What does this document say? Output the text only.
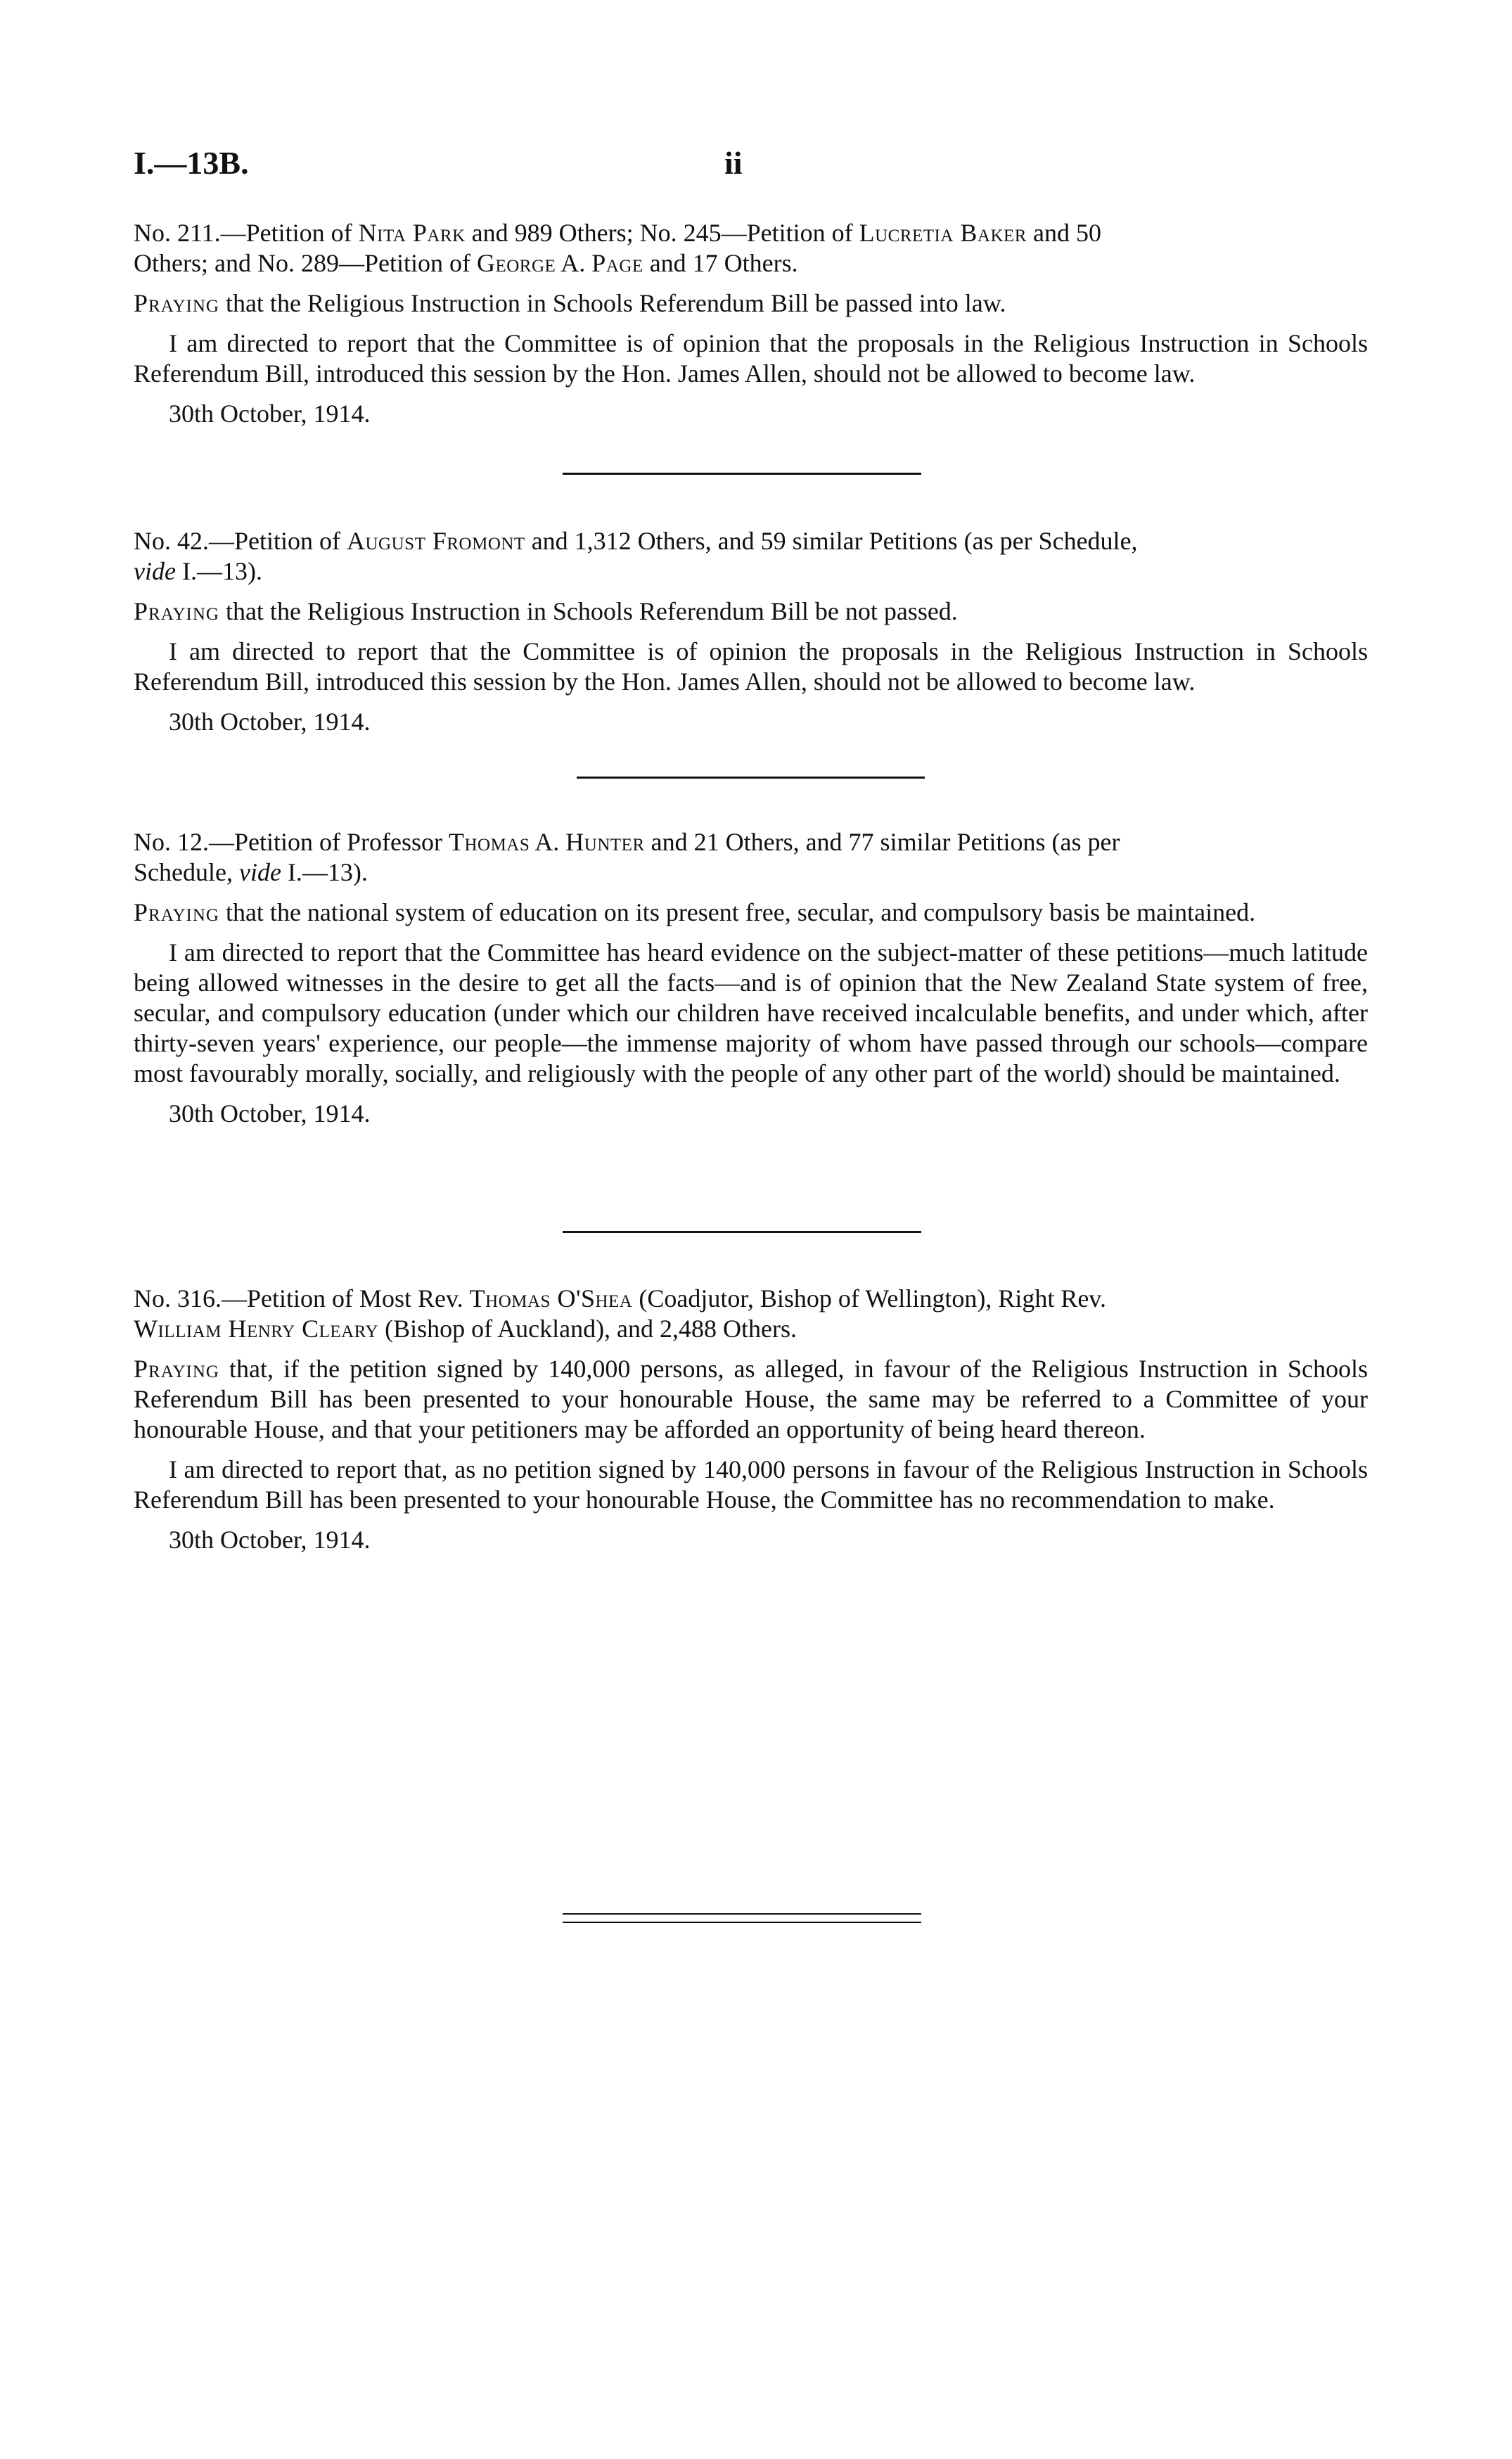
I.—13B.	ii

No. 211.—Petition of Nita Park and 989 Others; No. 245—Petition of Lucretia Baker and 50

Others; and No. 289—Petition of George A. Page and 17 Others.

Praying that the Religious Instruction in Schools Referendum Bill be passed into law.

I am directed to report that the Committee is of opinion that the proposals in the Religious Instruction in Schools Referendum Bill, introduced this session by the Hon. James Allen, should not be allowed to become law.

30th October, 1914.

No. 42.—Petition of August Fromont and 1,312 Others, and 59 similar Petitions (as per Schedule,

vide I.—13).

Praying that the Religious Instruction in Schools Referendum Bill be not passed.

I am directed to report that the Committee is of opinion the proposals in the Religious Instruction in Schools Referendum Bill, introduced this session by the Hon. James Allen, should not be allowed to become law.

30th October, 1914.

No. 12.—Petition of Professor Thomas A. Hunter and 21 Others, and 77 similar Petitions (as per

Schedule, vide I.—13).

Praying that the national system of education on its present free, secular, and compulsory basis be maintained.

I am directed to report that the Committee has heard evidence on the subject-matter of these petitions—much latitude being allowed witnesses in the desire to get all the facts—and is of opinion that the New Zealand State system of free, secular, and compulsory education (under which our children have received incalculable benefits, and under which, after thirty-seven years' experience, our people—the immense majority of whom have passed through our schools—compare most favourably morally, socially, and religiously with the people of any other part of the world) should be maintained.

30th October, 1914.

No. 316.—Petition of Most Rev. Thomas O'Shea (Coadjutor, Bishop of Wellington), Right Rev.

William Henry Cleary (Bishop of Auckland), and 2,488 Others.

Praying that, if the petition signed by 140,000 persons, as alleged, in favour of the Religious Instruction in Schools Referendum Bill has been presented to your honourable House, the same may be referred to a Committee of your honourable House, and that your petitioners may be afforded an opportunity of being heard thereon.

I am directed to report that, as no petition signed by 140,000 persons in favour of the Religious Instruction in Schools Referendum Bill has been presented to your honourable House, the Committee has no recommendation to make.

30th October, 1914.
